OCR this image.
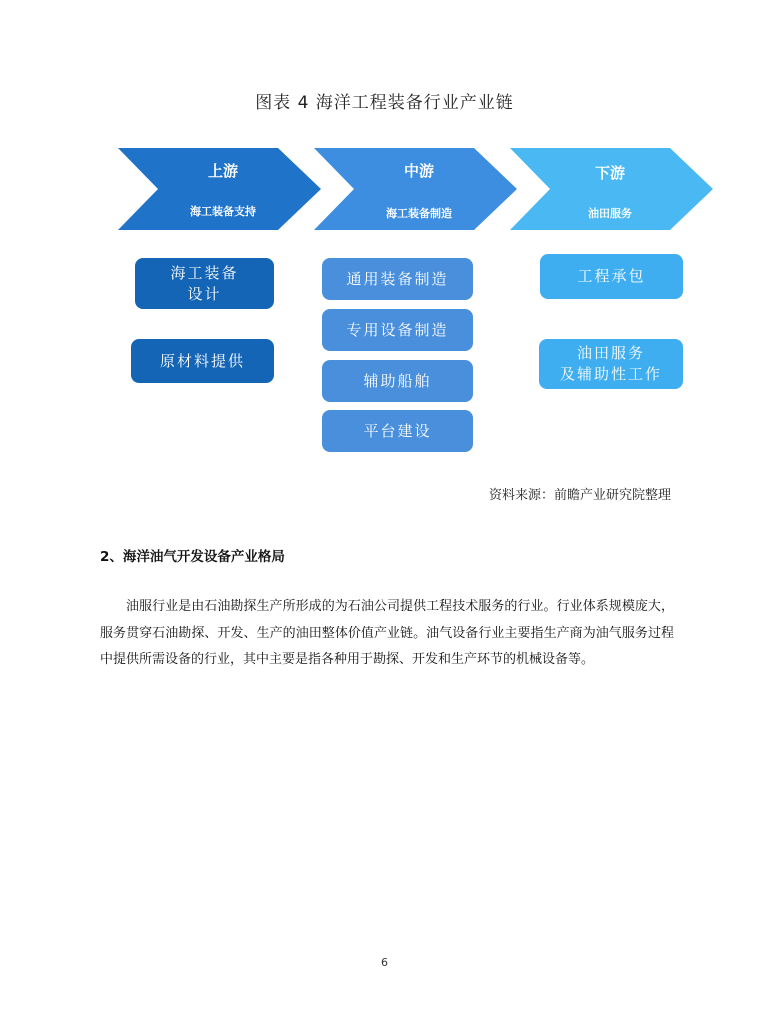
图表 4 海洋工程装备行业产业链
上游
海工装备支持
中游
海工装备制造
下游
油田服务
海工装备
设计
原材料提供
通用装备制造
专用设备制造
辅助船舶
平台建设
工程承包
油田服务
及辅助性工作
资料来源：前瞻产业研究院整理
2、海洋油气开发设备产业格局

油服行业是由石油勘探生产所形成的为石油公司提供工程技术服务的行业。行业体系规模庞大，服务贯穿石油勘探、开发、生产的油田整体价值产业链。油气设备行业主要指生产商为油气服务过程中提供所需设备的行业，其中主要是指各种用于勘探、开发和生产环节的机械设备等。

6
